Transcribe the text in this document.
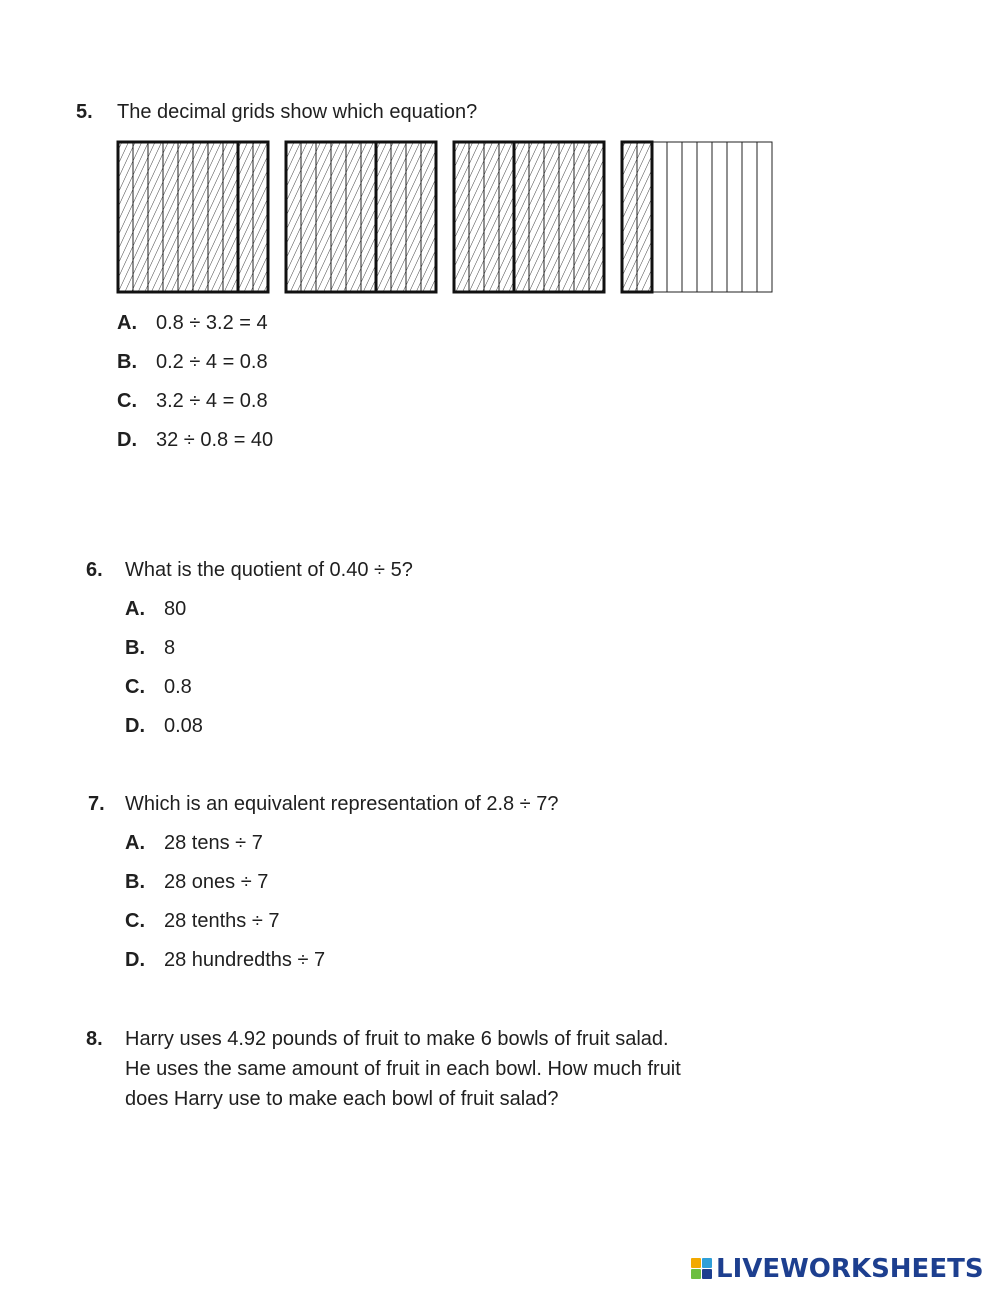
5.	The decimal grids show which equation?
A. 0.8 ÷ 3.2 = 4
B. 0.2 ÷ 4 = 0.8
C. 3.2 ÷ 4 = 0.8
D. 32 ÷ 0.8 = 40
6.	What is the quotient of 0.40 ÷ 5?
A. 80
B. 8
C. 0.8
D. 0.08
7.	Which is an equivalent representation of 2.8 ÷ 7?
A. 28 tens ÷ 7
B. 28 ones ÷ 7
C. 28 tenths ÷ 7
D. 28 hundredths ÷ 7
8.	Harry uses 4.92 pounds of fruit to make 6 bowls of fruit salad.
He uses the same amount of fruit in each bowl. How much fruit
does Harry use to make each bowl of fruit salad?
LIVEWORKSHEETS
